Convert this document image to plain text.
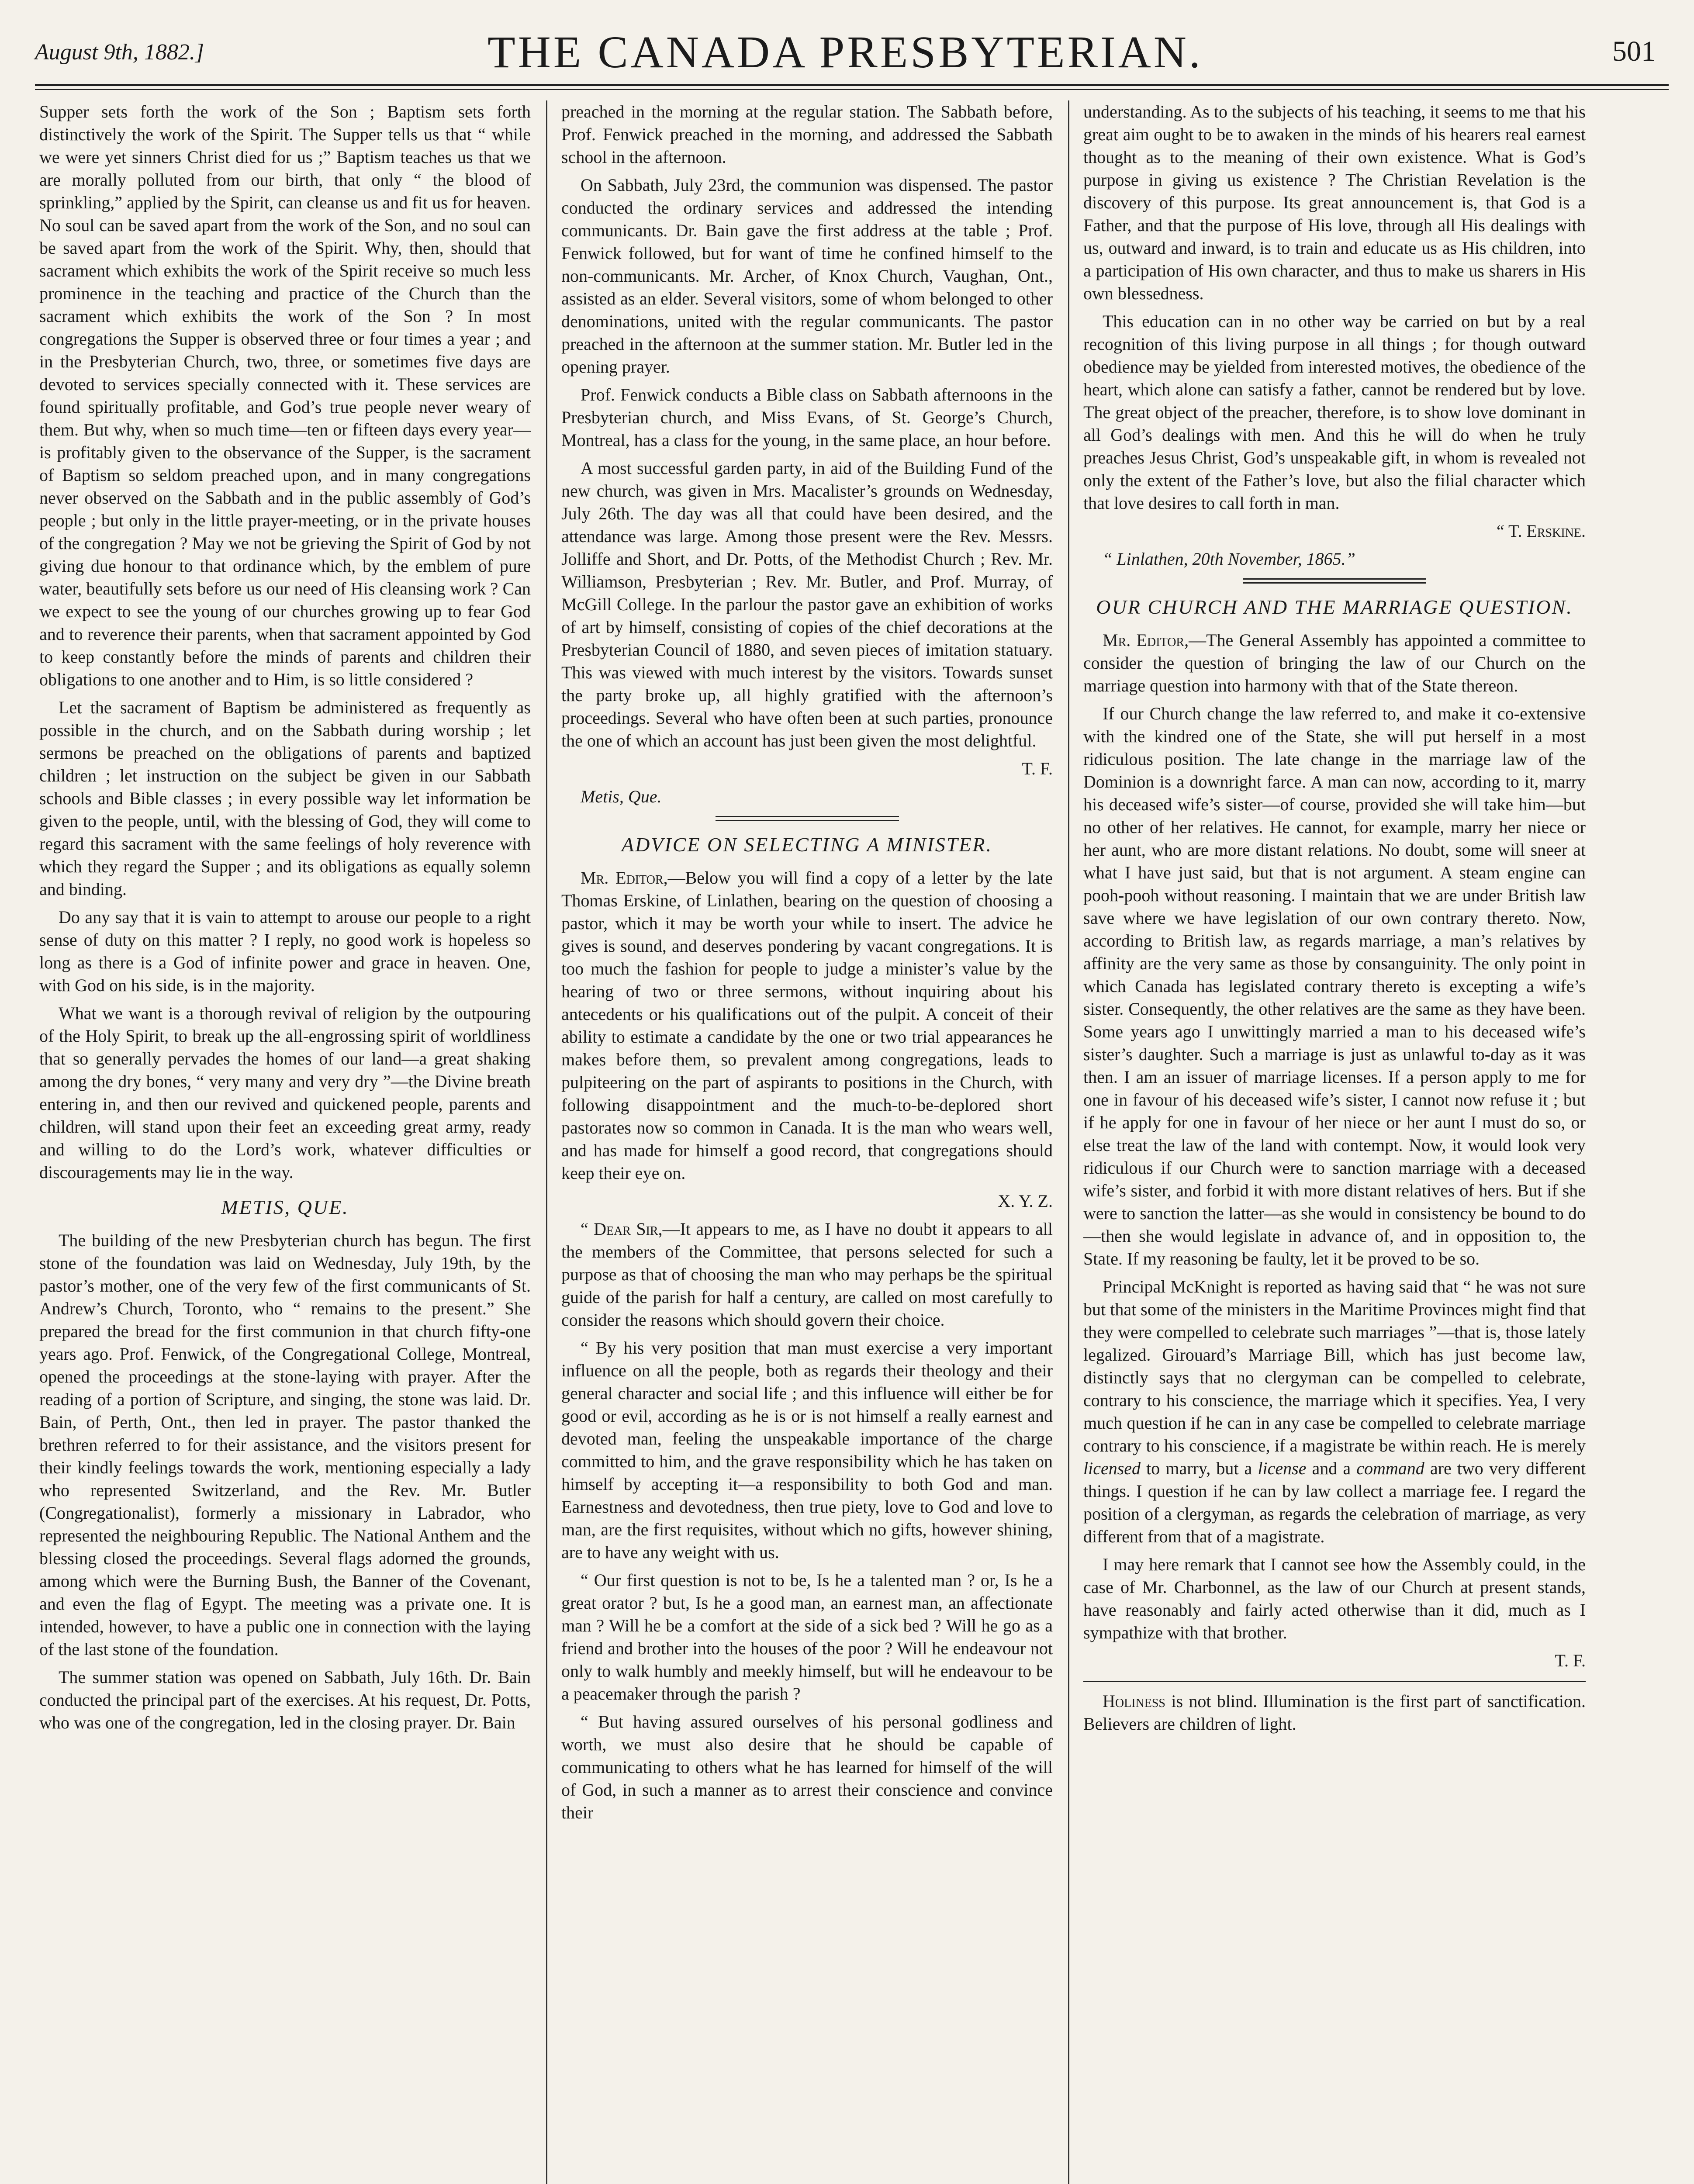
August 9th, 1882.]	THE CANADA PRESBYTERIAN.	501

Supper sets forth the work of the Son ; Baptism sets forth distinctively the work of the Spirit. The Supper tells us that “ while we were yet sinners Christ died for us ;” Baptism teaches us that we are morally polluted from our birth, that only “ the blood of sprinkling,” applied by the Spirit, can cleanse us and fit us for heaven. No soul can be saved apart from the work of the Son, and no soul can be saved apart from the work of the Spirit. Why, then, should that sacrament which exhibits the work of the Spirit receive so much less prominence in the teaching and practice of the Church than the sacrament which exhibits the work of the Son ? In most congregations the Supper is observed three or four times a year ; and in the Presbyterian Church, two, three, or sometimes five days are devoted to services specially connected with it. These services are found spiritually profitable, and God’s true people never weary of them. But why, when so much time—ten or fifteen days every year—is profitably given to the observance of the Supper, is the sacrament of Baptism so seldom preached upon, and in many congregations never observed on the Sabbath and in the public assembly of God’s people ; but only in the little prayer-meeting, or in the private houses of the congregation ? May we not be grieving the Spirit of God by not giving due honour to that ordinance which, by the emblem of pure water, beautifully sets before us our need of His cleansing work ? Can we expect to see the young of our churches growing up to fear God and to reverence their parents, when that sacrament appointed by God to keep constantly before the minds of parents and children their obligations to one another and to Him, is so little considered ?

Let the sacrament of Baptism be administered as frequently as possible in the church, and on the Sabbath during worship ; let sermons be preached on the obligations of parents and baptized children ; let instruction on the subject be given in our Sabbath schools and Bible classes ; in every possible way let information be given to the people, until, with the blessing of God, they will come to regard this sacrament with the same feelings of holy reverence with which they regard the Supper ; and its obligations as equally solemn and binding.

Do any say that it is vain to attempt to arouse our people to a right sense of duty on this matter ? I reply, no good work is hopeless so long as there is a God of infinite power and grace in heaven. One, with God on his side, is in the majority.

What we want is a thorough revival of religion by the outpouring of the Holy Spirit, to break up the all-engrossing spirit of worldliness that so generally pervades the homes of our land—a great shaking among the dry bones, “ very many and very dry ”—the Divine breath entering in, and then our revived and quickened people, parents and children, will stand upon their feet an exceeding great army, ready and willing to do the Lord’s work, whatever difficulties or discouragements may lie in the way.

METIS, QUE.

The building of the new Presbyterian church has begun. The first stone of the foundation was laid on Wednesday, July 19th, by the pastor’s mother, one of the very few of the first communicants of St. Andrew’s Church, Toronto, who “ remains to the present.” She prepared the bread for the first communion in that church fifty-one years ago. Prof. Fenwick, of the Congregational College, Montreal, opened the proceedings at the stone-laying with prayer. After the reading of a portion of Scripture, and singing, the stone was laid. Dr. Bain, of Perth, Ont., then led in prayer. The pastor thanked the brethren referred to for their assistance, and the visitors present for their kindly feelings towards the work, mentioning especially a lady who represented Switzerland, and the Rev. Mr. Butler (Congregationalist), formerly a missionary in Labrador, who represented the neighbouring Republic. The National Anthem and the blessing closed the proceedings. Several flags adorned the grounds, among which were the Burning Bush, the Banner of the Covenant, and even the flag of Egypt. The meeting was a private one. It is intended, however, to have a public one in connection with the laying of the last stone of the foundation.

The summer station was opened on Sabbath, July 16th. Dr. Bain conducted the principal part of the exercises. At his request, Dr. Potts, who was one of the congregation, led in the closing prayer. Dr. Bain

preached in the morning at the regular station. The Sabbath before, Prof. Fenwick preached in the morning, and addressed the Sabbath school in the afternoon.

On Sabbath, July 23rd, the communion was dispensed. The pastor conducted the ordinary services and addressed the intending communicants. Dr. Bain gave the first address at the table ; Prof. Fenwick followed, but for want of time he confined himself to the non-communicants. Mr. Archer, of Knox Church, Vaughan, Ont., assisted as an elder. Several visitors, some of whom belonged to other denominations, united with the regular communicants. The pastor preached in the afternoon at the summer station. Mr. Butler led in the opening prayer.

Prof. Fenwick conducts a Bible class on Sabbath afternoons in the Presbyterian church, and Miss Evans, of St. George’s Church, Montreal, has a class for the young, in the same place, an hour before.

A most successful garden party, in aid of the Building Fund of the new church, was given in Mrs. Macalister’s grounds on Wednesday, July 26th. The day was all that could have been desired, and the attendance was large. Among those present were the Rev. Messrs. Jolliffe and Short, and Dr. Potts, of the Methodist Church ; Rev. Mr. Williamson, Presbyterian ; Rev. Mr. Butler, and Prof. Murray, of McGill College. In the parlour the pastor gave an exhibition of works of art by himself, consisting of copies of the chief decorations at the Presbyterian Council of 1880, and seven pieces of imitation statuary. This was viewed with much interest by the visitors. Towards sunset the party broke up, all highly gratified with the afternoon’s proceedings. Several who have often been at such parties, pronounce the one of which an account has just been given the most delightful.

T. F.

Metis, Que.

ADVICE ON SELECTING A MINISTER.

Mr. Editor,—Below you will find a copy of a letter by the late Thomas Erskine, of Linlathen, bearing on the question of choosing a pastor, which it may be worth your while to insert. The advice he gives is sound, and deserves pondering by vacant congregations. It is too much the fashion for people to judge a minister’s value by the hearing of two or three sermons, without inquiring about his antecedents or his qualifications out of the pulpit. A conceit of their ability to estimate a candidate by the one or two trial appearances he makes before them, so prevalent among congregations, leads to pulpiteering on the part of aspirants to positions in the Church, with following disappointment and the much-to-be-deplored short pastorates now so common in Canada. It is the man who wears well, and has made for himself a good record, that congregations should keep their eye on.

X. Y. Z.

“ Dear Sir,—It appears to me, as I have no doubt it appears to all the members of the Committee, that persons selected for such a purpose as that of choosing the man who may perhaps be the spiritual guide of the parish for half a century, are called on most carefully to consider the reasons which should govern their choice.

“ By his very position that man must exercise a very important influence on all the people, both as regards their theology and their general character and social life ; and this influence will either be for good or evil, according as he is or is not himself a really earnest and devoted man, feeling the unspeakable importance of the charge committed to him, and the grave responsibility which he has taken on himself by accepting it—a responsibility to both God and man. Earnestness and devotedness, then true piety, love to God and love to man, are the first requisites, without which no gifts, however shining, are to have any weight with us.

“ Our first question is not to be, Is he a talented man ? or, Is he a great orator ? but, Is he a good man, an earnest man, an affectionate man ? Will he be a comfort at the side of a sick bed ? Will he go as a friend and brother into the houses of the poor ? Will he endeavour not only to walk humbly and meekly himself, but will he endeavour to be a peacemaker through the parish ?

“ But having assured ourselves of his personal godliness and worth, we must also desire that he should be capable of communicating to others what he has learned for himself of the will of God, in such a manner as to arrest their conscience and convince their

understanding. As to the subjects of his teaching, it seems to me that his great aim ought to be to awaken in the minds of his hearers real earnest thought as to the meaning of their own existence. What is God’s purpose in giving us existence ? The Christian Revelation is the discovery of this purpose. Its great announcement is, that God is a Father, and that the purpose of His love, through all His dealings with us, outward and inward, is to train and educate us as His children, into a participation of His own character, and thus to make us sharers in His own blessedness.

This education can in no other way be carried on but by a real recognition of this living purpose in all things ; for though outward obedience may be yielded from interested motives, the obedience of the heart, which alone can satisfy a father, cannot be rendered but by love. The great object of the preacher, therefore, is to show love dominant in all God’s dealings with men. And this he will do when he truly preaches Jesus Christ, God’s unspeakable gift, in whom is revealed not only the extent of the Father’s love, but also the filial character which that love desires to call forth in man.

“ T. Erskine.

“ Linlathen, 20th November, 1865.”

OUR CHURCH AND THE MARRIAGE QUESTION.

Mr. Editor,—The General Assembly has appointed a committee to consider the question of bringing the law of our Church on the marriage question into harmony with that of the State thereon.

If our Church change the law referred to, and make it co-extensive with the kindred one of the State, she will put herself in a most ridiculous position. The late change in the marriage law of the Dominion is a downright farce. A man can now, according to it, marry his deceased wife’s sister—of course, provided she will take him—but no other of her relatives. He cannot, for example, marry her niece or her aunt, who are more distant relations. No doubt, some will sneer at what I have just said, but that is not argument. A steam engine can pooh-pooh without reasoning. I maintain that we are under British law save where we have legislation of our own contrary thereto. Now, according to British law, as regards marriage, a man’s relatives by affinity are the very same as those by consanguinity. The only point in which Canada has legislated contrary thereto is excepting a wife’s sister. Consequently, the other relatives are the same as they have been. Some years ago I unwittingly married a man to his deceased wife’s sister’s daughter. Such a marriage is just as unlawful to-day as it was then. I am an issuer of marriage licenses. If a person apply to me for one in favour of his deceased wife’s sister, I cannot now refuse it ; but if he apply for one in favour of her niece or her aunt I must do so, or else treat the law of the land with contempt. Now, it would look very ridiculous if our Church were to sanction marriage with a deceased wife’s sister, and forbid it with more distant relatives of hers. But if she were to sanction the latter—as she would in consistency be bound to do—then she would legislate in advance of, and in opposition to, the State. If my reasoning be faulty, let it be proved to be so.

Principal McKnight is reported as having said that “ he was not sure but that some of the ministers in the Maritime Provinces might find that they were compelled to celebrate such marriages ”—that is, those lately legalized. Girouard’s Marriage Bill, which has just become law, distinctly says that no clergyman can be compelled to celebrate, contrary to his conscience, the marriage which it specifies. Yea, I very much question if he can in any case be compelled to celebrate marriage contrary to his conscience, if a magistrate be within reach. He is merely licensed to marry, but a license and a command are two very different things. I question if he can by law collect a marriage fee. I regard the position of a clergyman, as regards the celebration of marriage, as very different from that of a magistrate.

I may here remark that I cannot see how the Assembly could, in the case of Mr. Charbonnel, as the law of our Church at present stands, have reasonably and fairly acted otherwise than it did, much as I sympathize with that brother.

T. F.

Holiness is not blind. Illumination is the first part of sanctification. Believers are children of light.
